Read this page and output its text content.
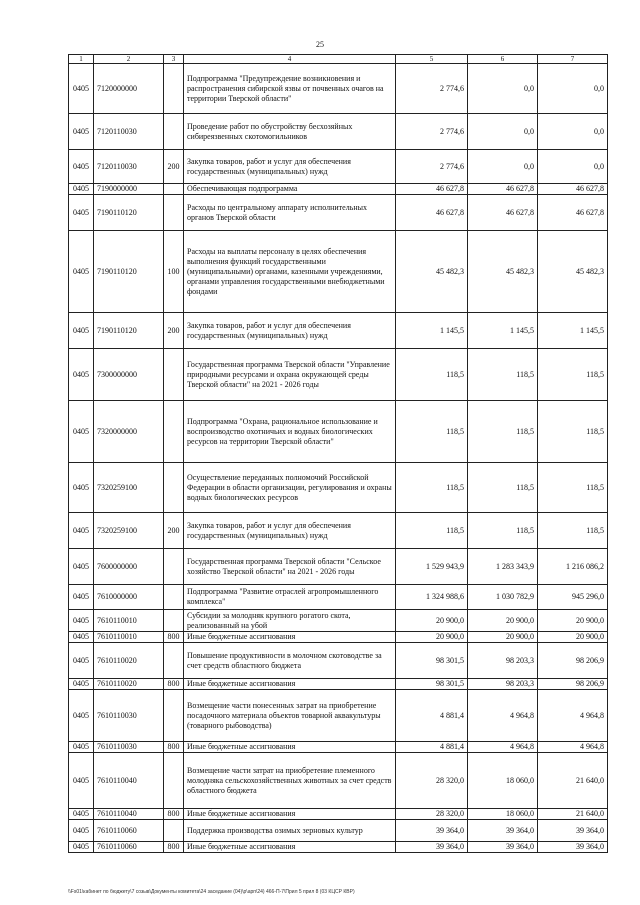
25
1	2	3	4	5	6	7
0405	7120000000		Подпрограмма "Предупреждение возникновения и распространения сибирской язвы от почвенных очагов на территории Тверской области"	2 774,6	0,0	0,0
0405	7120110030		Проведение работ по обустройству бесхозяйных сибиреязвенных скотомогильников	2 774,6	0,0	0,0
0405	7120110030	200	Закупка товаров, работ и услуг для обеспечения государственных (муниципальных) нужд	2 774,6	0,0	0,0
0405	7190000000		Обеспечивающая подпрограмма	46 627,8	46 627,8	46 627,8
0405	7190110120		Расходы по центральному аппарату исполнительных органов Тверской области	46 627,8	46 627,8	46 627,8
0405	7190110120	100	Расходы на выплаты персоналу в целях обеспечения выполнения функций государственными (муниципальными) органами, казенными учреждениями, органами управления государственными внебюджетными фондами	45 482,3	45 482,3	45 482,3
0405	7190110120	200	Закупка товаров, работ и услуг для обеспечения государственных (муниципальных) нужд	1 145,5	1 145,5	1 145,5
0405	7300000000		Государственная программа Тверской области "Управление природными ресурсами и охрана окружающей среды Тверской области" на 2021 - 2026 годы	118,5	118,5	118,5
0405	7320000000		Подпрограмма "Охрана, рациональное использование и воспроизводство охотничьих и водных биологических ресурсов на территории Тверской области"	118,5	118,5	118,5
0405	7320259100		Осуществление переданных полномочий Российской Федерации в области организации, регулирования и охраны водных биологических ресурсов	118,5	118,5	118,5
0405	7320259100	200	Закупка товаров, работ и услуг для обеспечения государственных (муниципальных) нужд	118,5	118,5	118,5
0405	7600000000		Государственная программа Тверской области "Сельское хозяйство Тверской области" на 2021 - 2026 годы	1 529 943,9	1 283 343,9	1 216 086,2
0405	7610000000		Подпрограмма "Развитие отраслей агропромышленного комплекса"	1 324 988,6	1 030 782,9	945 296,0
0405	7610110010		Субсидии за молодняк крупного рогатого скота, реализованный на убой	20 900,0	20 900,0	20 900,0
0405	7610110010	800	Иные бюджетные ассигнования	20 900,0	20 900,0	20 900,0
0405	7610110020		Повышение продуктивности в молочном скотоводстве за счет средств областного бюджета	98 301,5	98 203,3	98 206,9
0405	7610110020	800	Иные бюджетные ассигнования	98 301,5	98 203,3	98 206,9
0405	7610110030		Возмещение части понесенных затрат на приобретение посадочного материала объектов товарной аквакультуры (товарного рыбоводства)	4 881,4	4 964,8	4 964,8
0405	7610110030	800	Иные бюджетные ассигнования	4 881,4	4 964,8	4 964,8
0405	7610110040		Возмещение части затрат на приобретение племенного молодняка сельскохозяйственных животных за счет средств областного бюджета	28 320,0	18 060,0	21 640,0
0405	7610110040	800	Иные бюджетные ассигнования	28 320,0	18 060,0	21 640,0
0405	7610110060		Поддержка производства озимых зерновых культур	39 364,0	39 364,0	39 364,0
0405	7610110060	800	Иные бюджетные ассигнования	39 364,0	39 364,0	39 364,0
\\Fs01\кабинет по бюджету\7 созыв\Документы комитета\24 заседание (04)\р\арп\24) 466-П-7\Прил 5 прил 8 (03 КЦСР КВР)
